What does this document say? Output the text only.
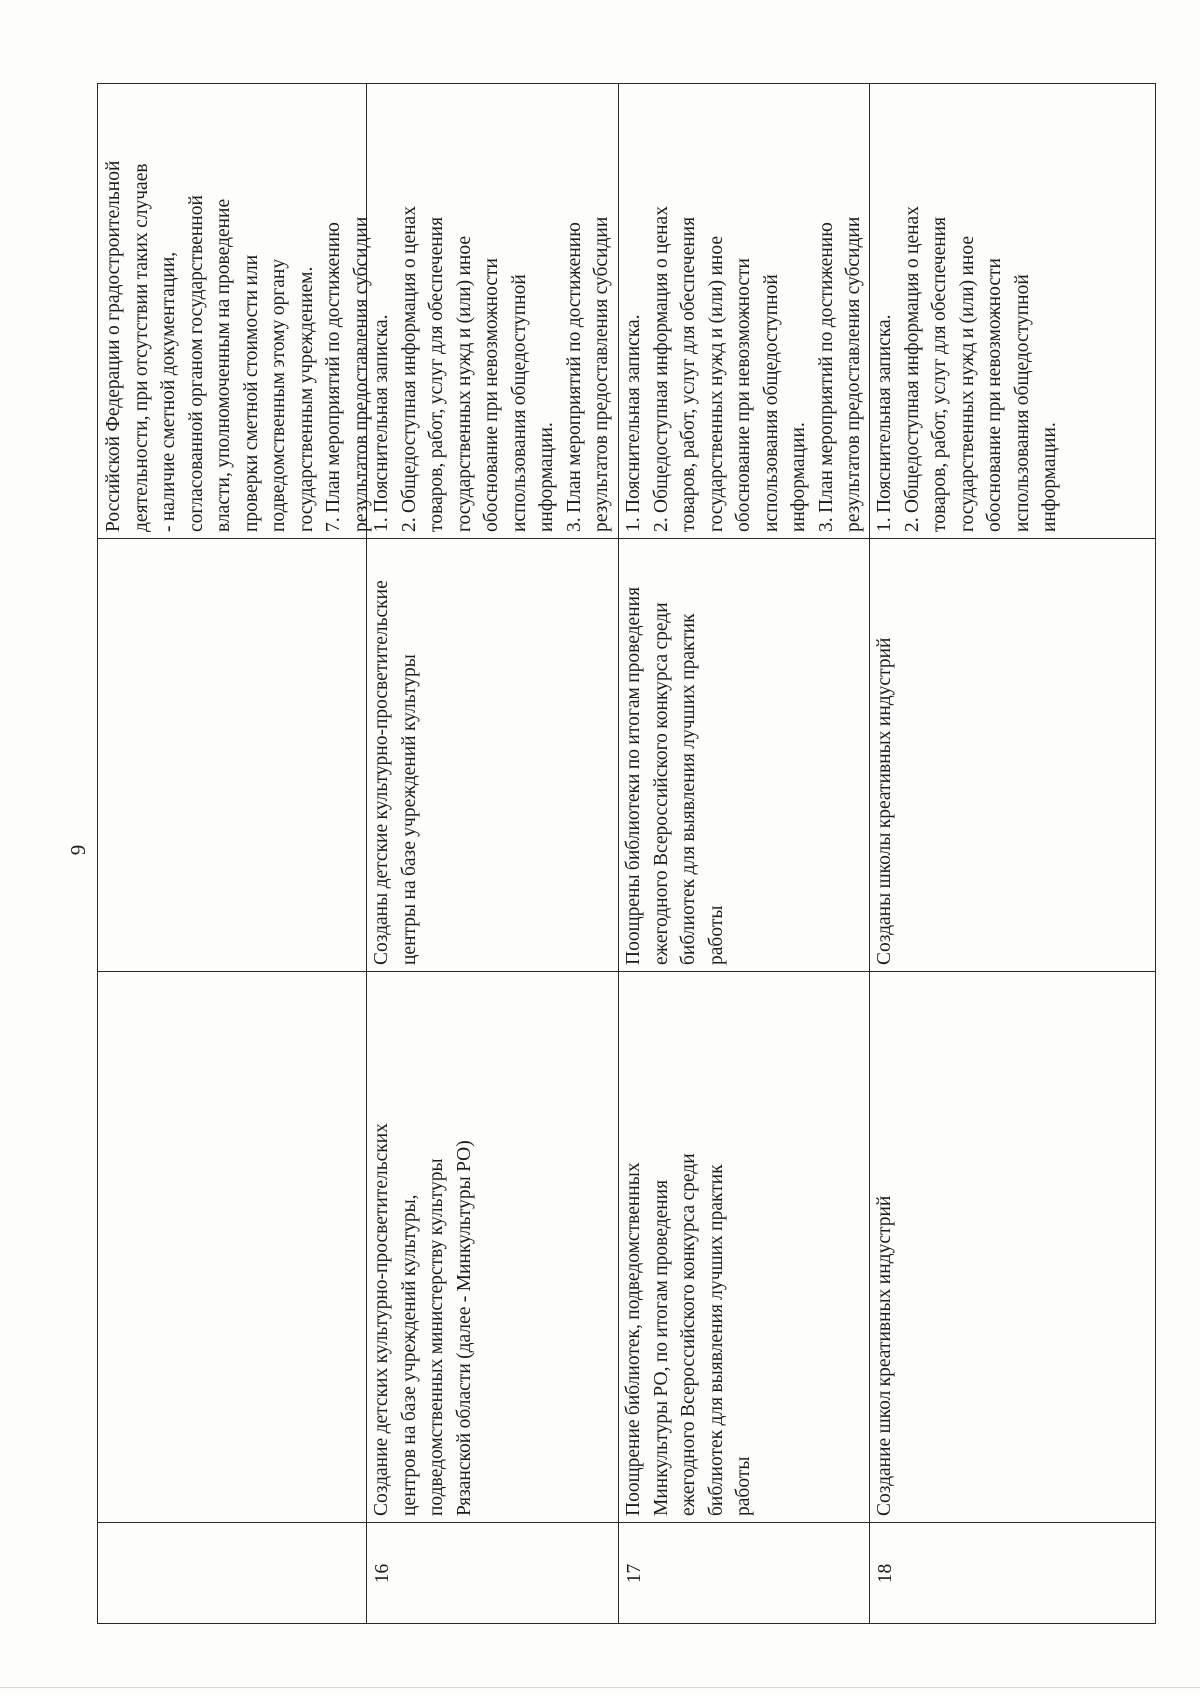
9
Российской Федерации о градостроительной
деятельности, при отсутствии таких случаев
- наличие сметной документации,
согласованной органом государственной
власти, уполномоченным на проведение
проверки сметной стоимости или
подведомственным этому органу
государственным учреждением.
7. План мероприятий по достижению
результатов предоставления субсидии
1. Пояснительная записка.
2. Общедоступная информация о ценах
товаров, работ, услуг для обеспечения
государственных нужд и (или) иное
обоснование при невозможности
использования общедоступной
информации.
3. План мероприятий по достижению
результатов предоставления субсидии
Созданы детские культурно-просветительские
центры на базе учреждений культуры
Создание детских культурно-просветительских
центров на базе учреждений культуры,
подведомственных министерству культуры
Рязанской области (далее - Минкультуры РО)
16
1. Пояснительная записка.
2. Общедоступная информация о ценах
товаров, работ, услуг для обеспечения
государственных нужд и (или) иное
обоснование при невозможности
использования общедоступной
информации.
3. План мероприятий по достижению
результатов предоставления субсидии
Поощрены библиотеки по итогам проведения
ежегодного Всероссийского конкурса среди
библиотек для выявления лучших практик
работы
Поощрение библиотек, подведомственных
Минкультуры РО, по итогам проведения
ежегодного Всероссийского конкурса среди
библиотек для выявления лучших практик
работы
17
1. Пояснительная записка.
2. Общедоступная информация о ценах
товаров, работ, услуг для обеспечения
государственных нужд и (или) иное
обоснование при невозможности
использования общедоступной
информации.
Созданы школы креативных индустрий
Создание школ креативных индустрий
18
